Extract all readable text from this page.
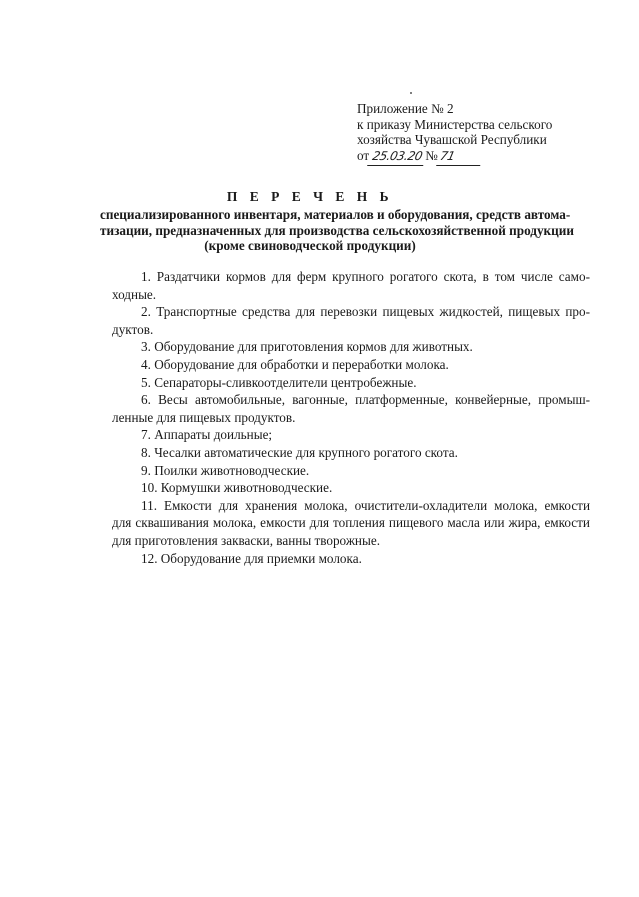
Приложение № 2
к приказу Министерства сельского
хозяйства Чувашской Республики
от 25.03.20 №71
П Е Р Е Ч Е Н Ь
специализированного инвентаря, материалов и оборудования, средств автома-
тизации, предназначенных для производства сельскохозяйственной продукции
(кроме свиноводческой продукции)
1. Раздатчики кормов для ферм крупного рогатого скота, в том числе само-
ходные.
2. Транспортные средства для перевозки пищевых жидкостей, пищевых про-
дуктов.
3. Оборудование для приготовления кормов для животных.
4. Оборудование для обработки и переработки молока.
5. Сепараторы-сливкоотделители центробежные.
6. Весы автомобильные, вагонные, платформенные, конвейерные, промыш-
ленные для пищевых продуктов.
7. Аппараты доильные;
8. Чесалки автоматические для крупного рогатого скота.
9. Поилки животноводческие.
10. Кормушки животноводческие.
11. Емкости для хранения молока, очистители-охладители молока, емкости
для сквашивания молока, емкости для топления пищевого масла или жира, емкости
для приготовления закваски, ванны творожные.
12. Оборудование для приемки молока.
